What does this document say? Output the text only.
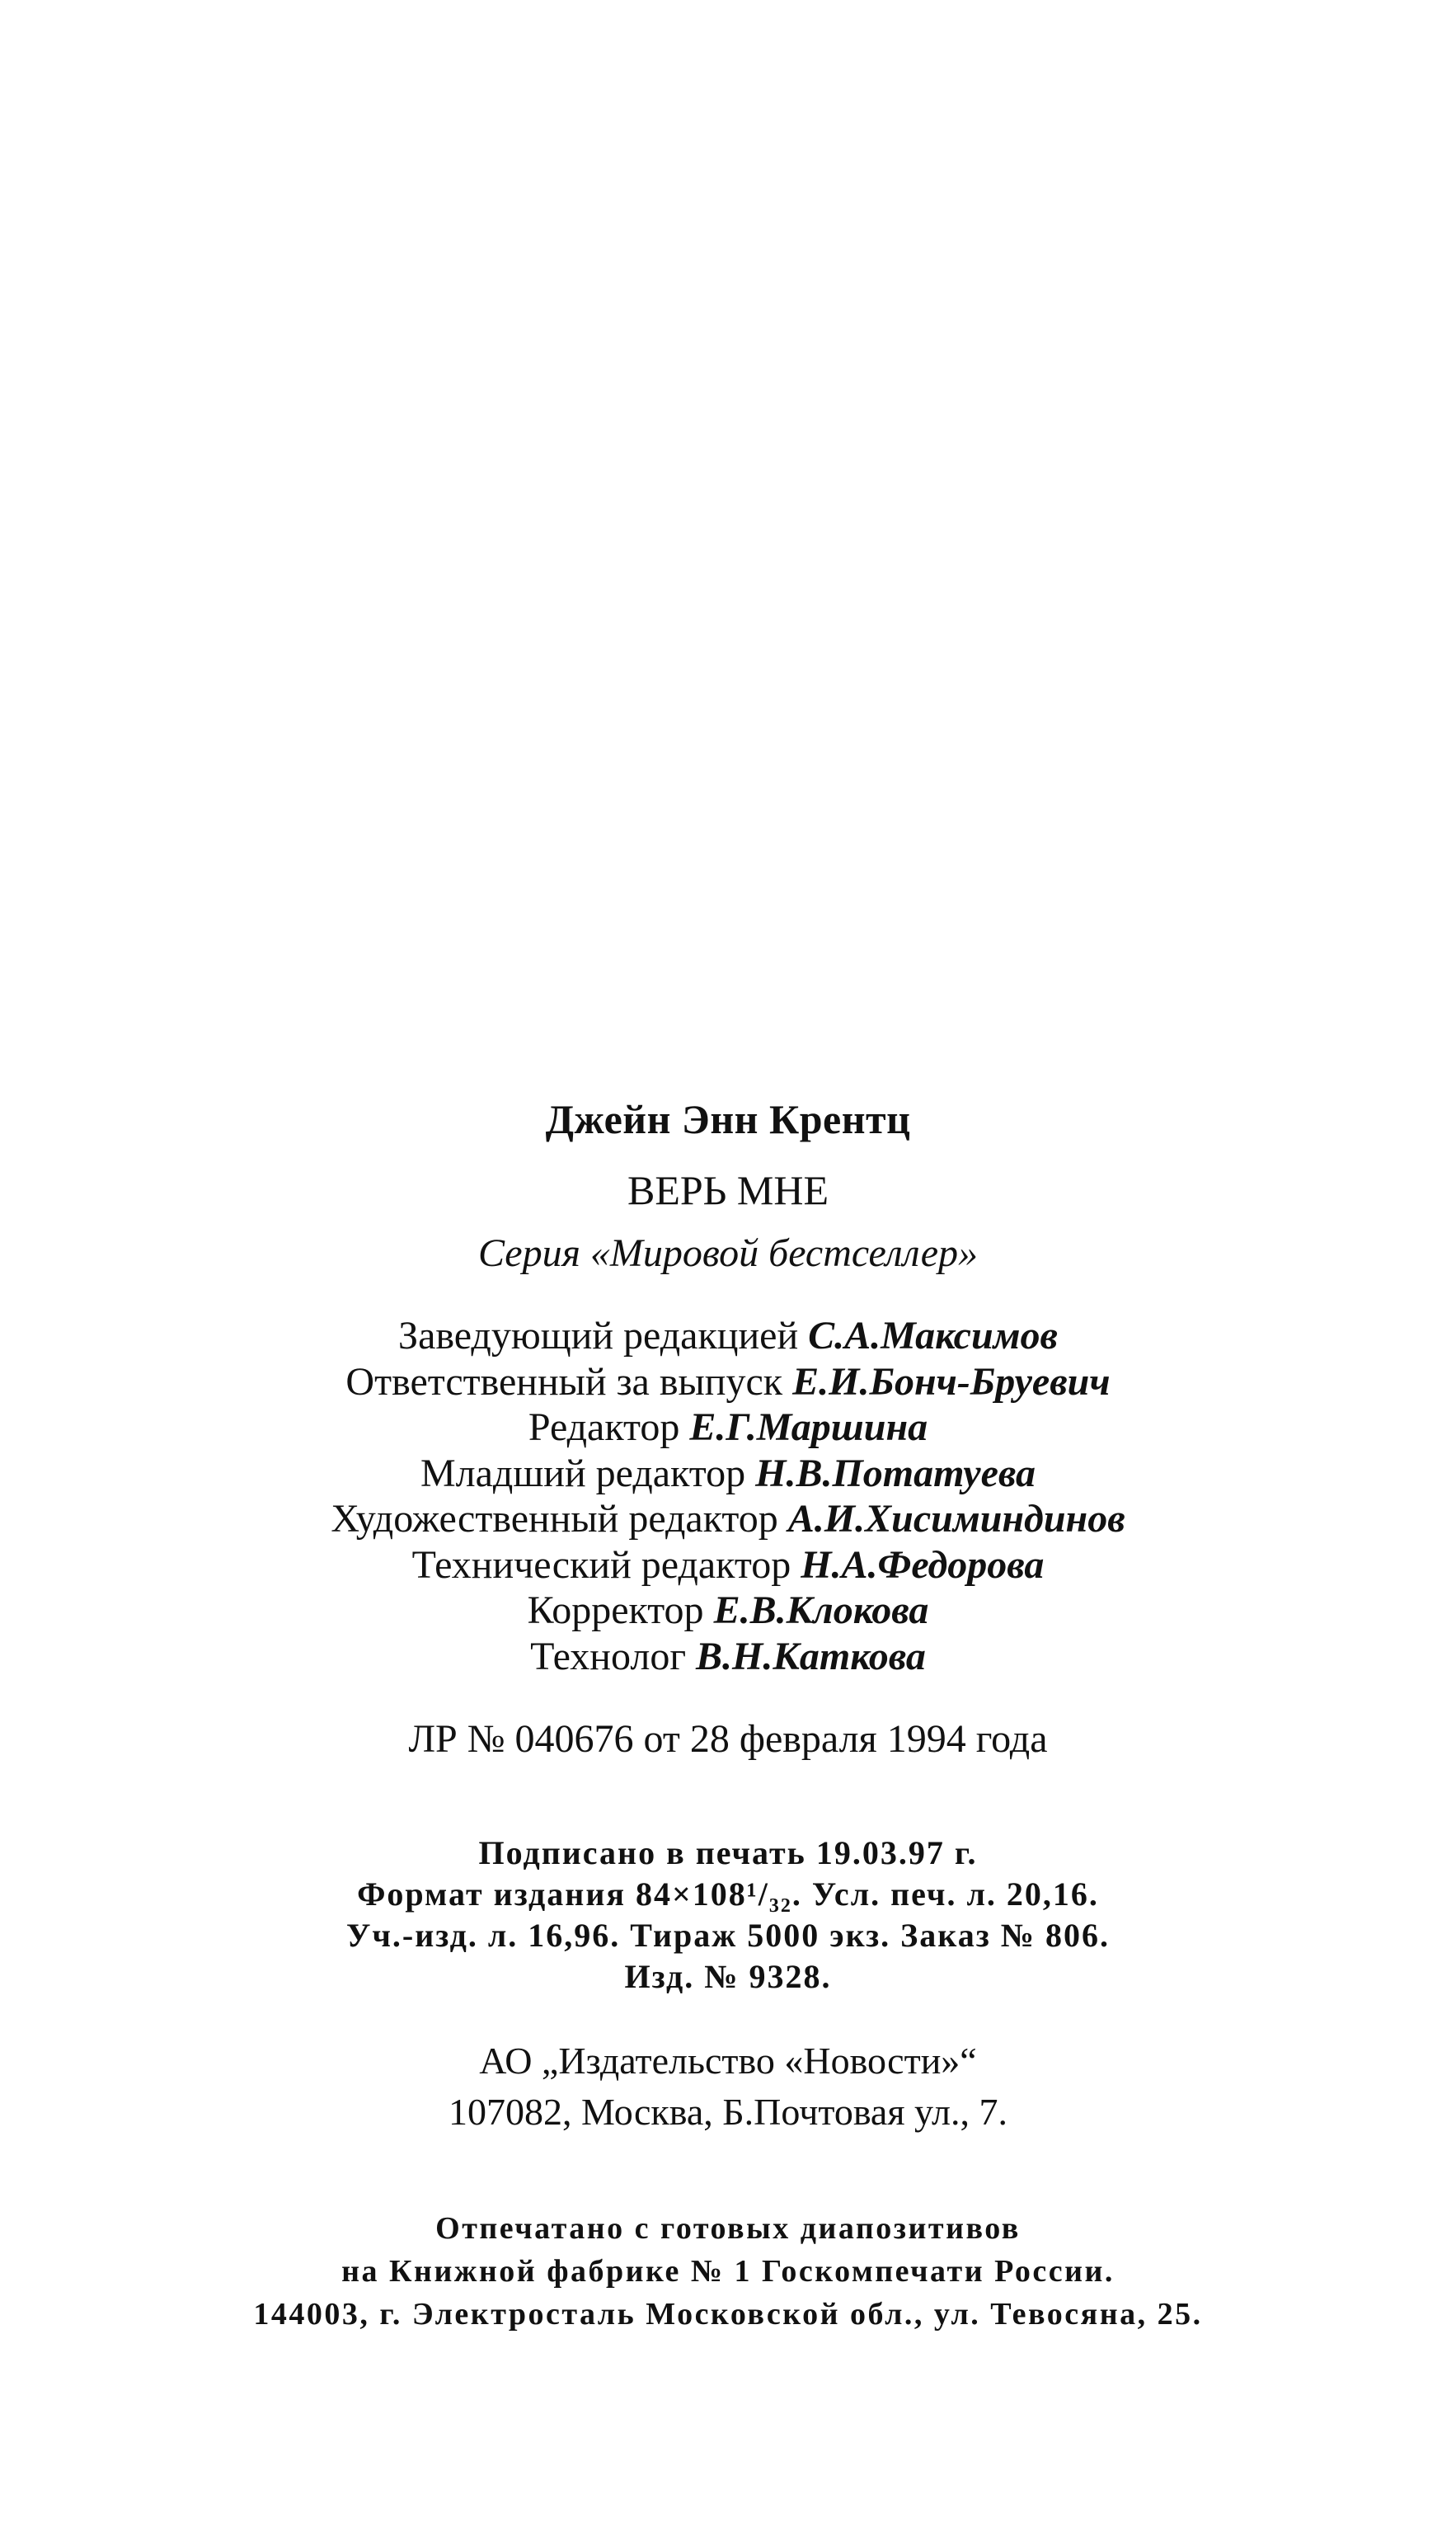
Джейн Энн Крентц
ВЕРЬ МНЕ
Серия «Мировой бестселлер»
Заведующий редакцией С.А.Максимов
Ответственный за выпуск Е.И.Бонч-Бруевич
Редактор Е.Г.Маршина
Младший редактор Н.В.Потатуева
Художественный редактор А.И.Хисиминдинов
Технический редактор Н.А.Федорова
Корректор Е.В.Клокова
Технолог В.Н.Каткова
ЛР № 040676 от 28 февраля 1994 года
Подписано в печать 19.03.97 г.
Формат издания 84×108¹/₃₂. Усл. печ. л. 20,16.
Уч.-изд. л. 16,96. Тираж 5000 экз. Заказ № 806.
Изд. № 9328.
АО „Издательство «Новости»“
107082, Москва, Б.Почтовая ул., 7.
Отпечатано с готовых диапозитивов
на Книжной фабрике № 1 Госкомпечати России.
144003, г. Электросталь Московской обл., ул. Тевосяна, 25.
